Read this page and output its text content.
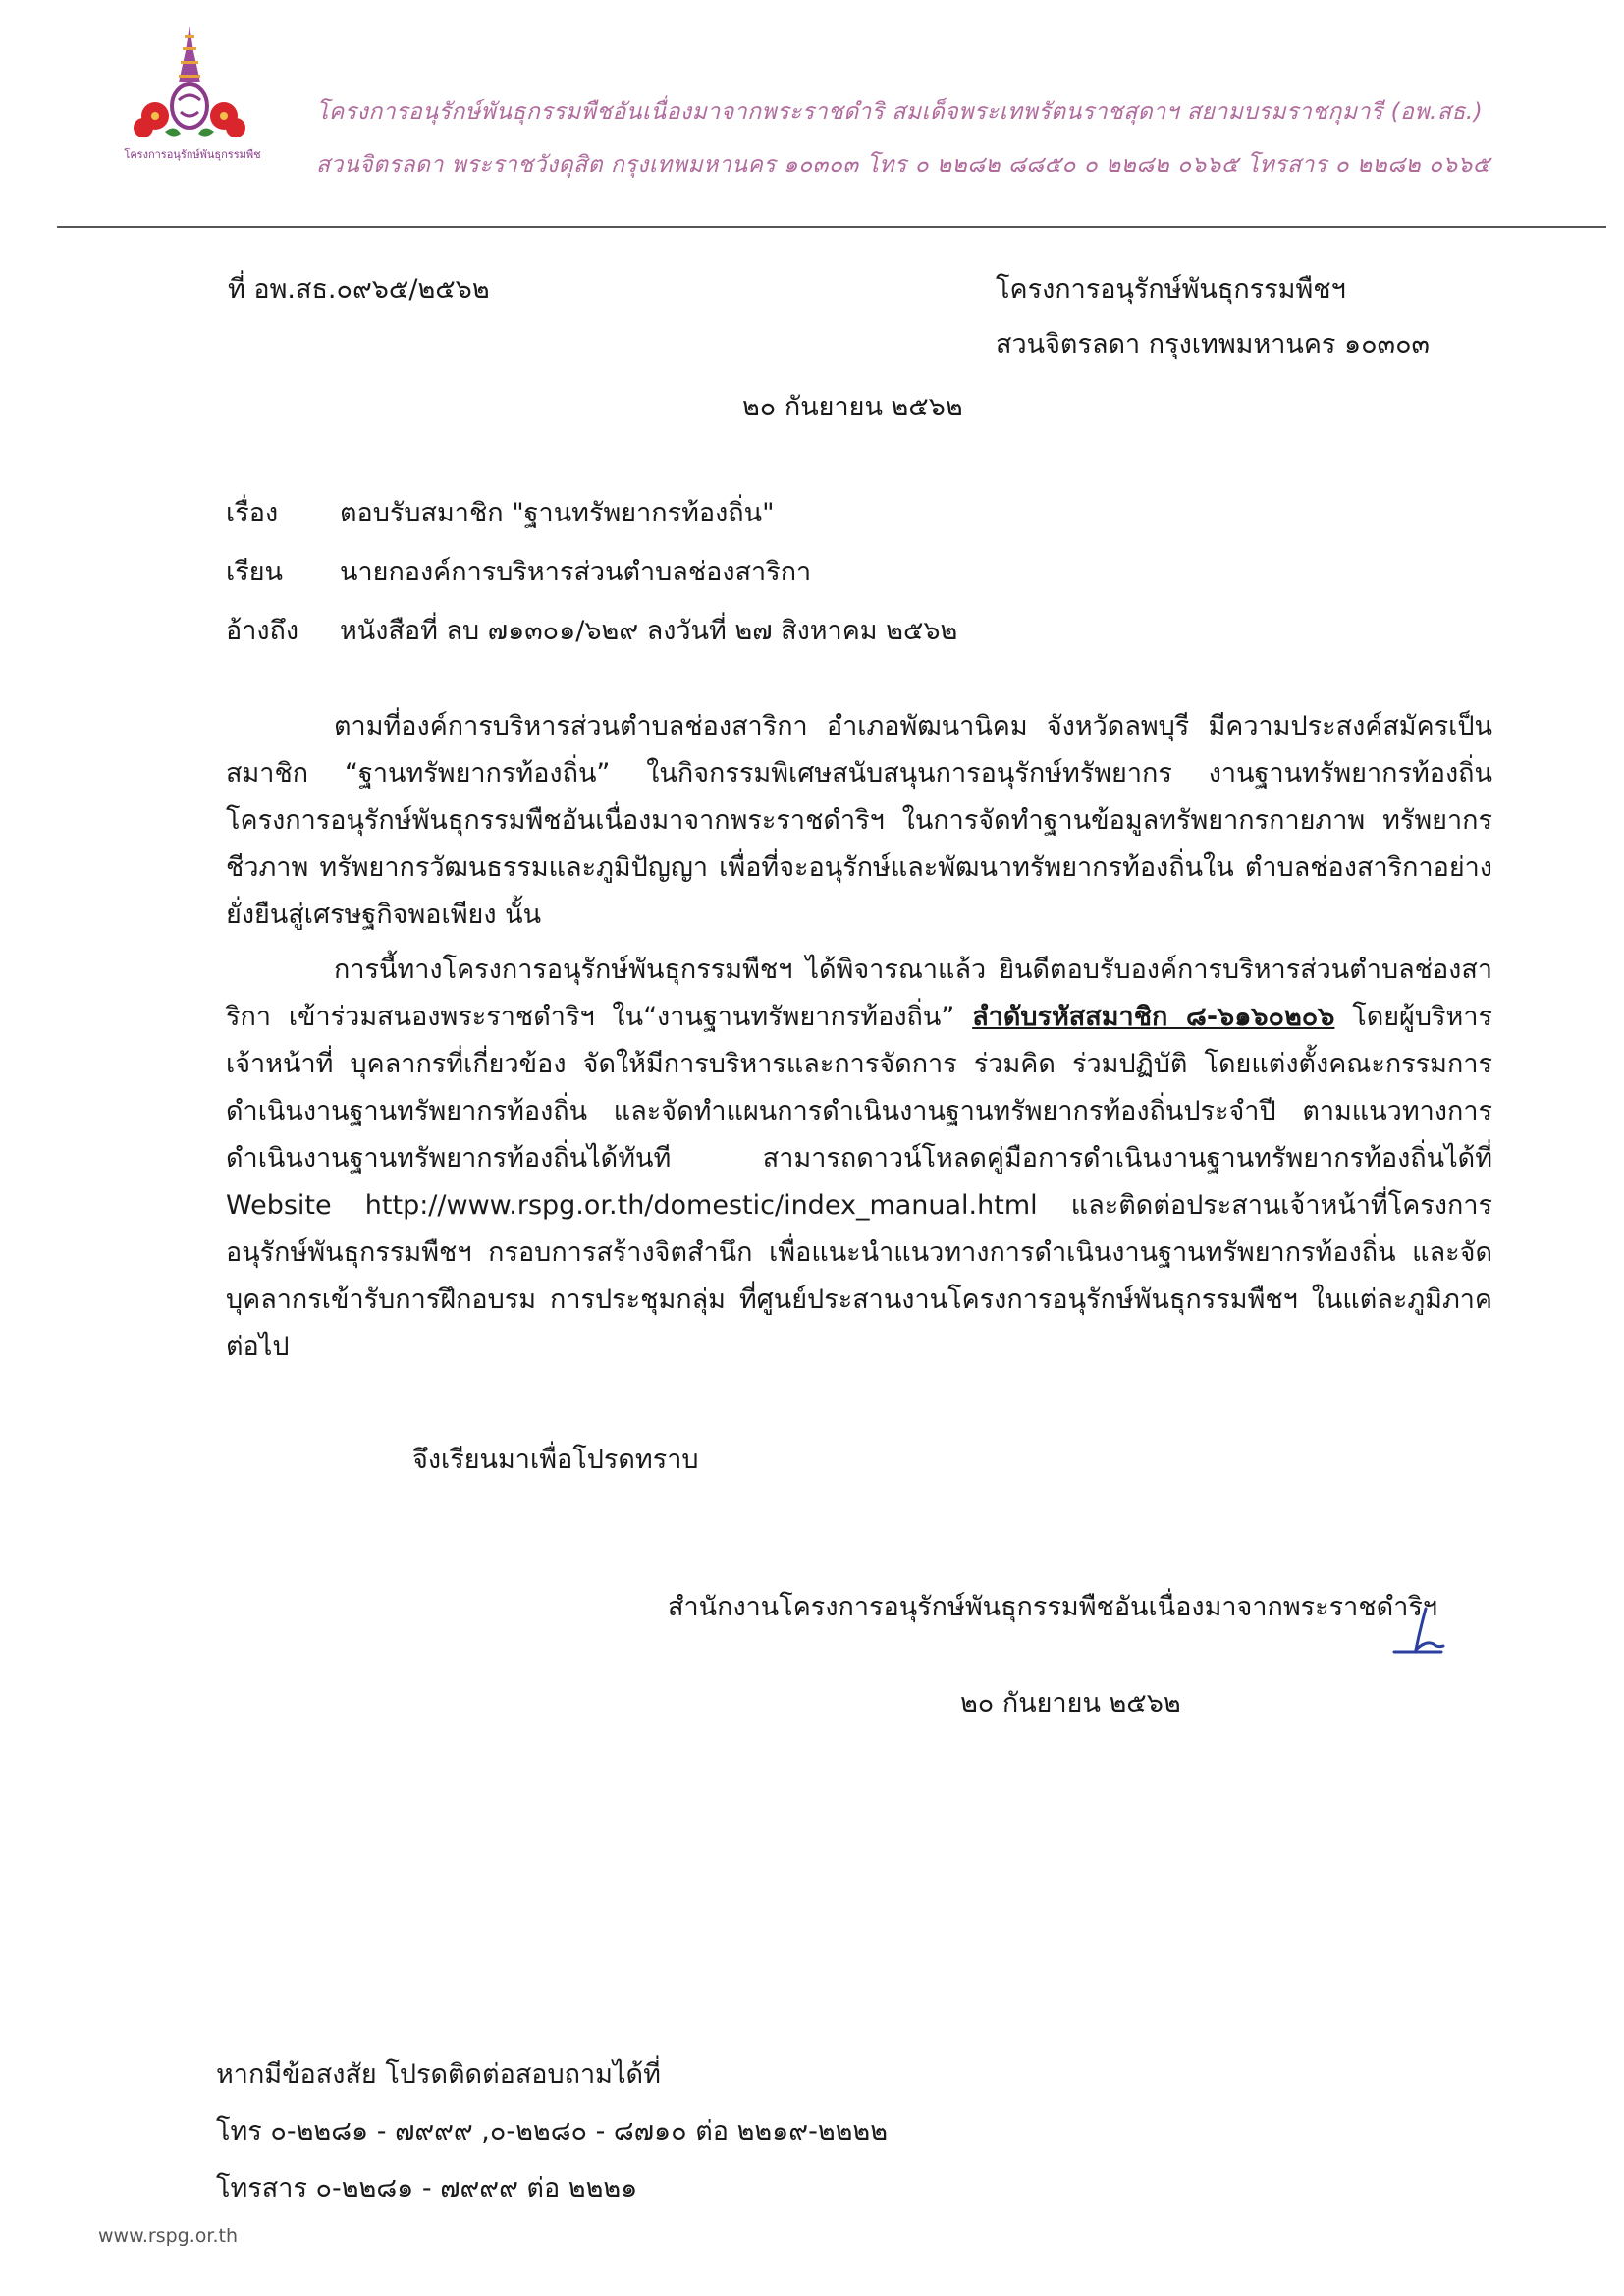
โครงการอนุรักษ์พันธุกรรมพืช
โครงการอนุรักษ์พันธุกรรมพืชอันเนื่องมาจากพระราชดำริ สมเด็จพระเทพรัตนราชสุดาฯ สยามบรมราชกุมารี (อพ.สธ.)
สวนจิตรลดา พระราชวังดุสิต กรุงเทพมหานคร ๑๐๓๐๓ โทร ๐ ๒๒๘๒ ๘๘๕๐ ๐ ๒๒๘๒ ๐๖๖๕ โทรสาร ๐ ๒๒๘๒ ๐๖๖๕
ที่ อพ.สธ.๐๙๖๕/๒๕๖๒	โครงการอนุรักษ์พันธุกรรมพืชฯ
สวนจิตรลดา กรุงเทพมหานคร ๑๐๓๐๓
๒๐ กันยายน ๒๕๖๒
เรื่อง ตอบรับสมาชิก "ฐานทรัพยากรท้องถิ่น"
เรียน นายกองค์การบริหารส่วนตำบลช่องสาริกา
อ้างถึง หนังสือที่ ลบ ๗๑๓๐๑/๖๒๙ ลงวันที่ ๒๗ สิงหาคม ๒๕๖๒
ตามที่องค์การบริหารส่วนตำบลช่องสาริกา อำเภอพัฒนานิคม จังหวัดลพบุรี มีความประสงค์สมัครเป็นสมาชิก “ฐานทรัพยากรท้องถิ่น” ในกิจกรรมพิเศษสนับสนุนการอนุรักษ์ทรัพยากร งานฐานทรัพยากรท้องถิ่น โครงการอนุรักษ์พันธุกรรมพืชอันเนื่องมาจากพระราชดำริฯ ในการจัดทำฐานข้อมูลทรัพยากรกายภาพ ทรัพยากรชีวภาพ ทรัพยากรวัฒนธรรมและภูมิปัญญา เพื่อที่จะอนุรักษ์และพัฒนาทรัพยากรท้องถิ่นใน ตำบลช่องสาริกาอย่างยั่งยืนสู่เศรษฐกิจพอเพียง นั้น
การนี้ทางโครงการอนุรักษ์พันธุกรรมพืชฯ ได้พิจารณาแล้ว ยินดีตอบรับองค์การบริหารส่วนตำบลช่องสาริกา เข้าร่วมสนองพระราชดำริฯ ใน“งานฐานทรัพยากรท้องถิ่น” ลำดับรหัสสมาชิก ๘-๖๑๖๐๒๐๖ โดยผู้บริหาร เจ้าหน้าที่ บุคลากรที่เกี่ยวข้อง จัดให้มีการบริหารและการจัดการ ร่วมคิด ร่วมปฏิบัติ โดยแต่งตั้งคณะกรรมการดำเนินงานฐานทรัพยากรท้องถิ่น และจัดทำแผนการดำเนินงานฐานทรัพยากรท้องถิ่นประจำปี ตามแนวทางการดำเนินงานฐานทรัพยากรท้องถิ่นได้ทันที สามารถดาวน์โหลดคู่มือการดำเนินงานฐานทรัพยากรท้องถิ่นได้ที่ Website http://www.rspg.or.th/domestic/index_manual.html และติดต่อประสานเจ้าหน้าที่โครงการอนุรักษ์พันธุกรรมพืชฯ กรอบการสร้างจิตสำนึก เพื่อแนะนำแนวทางการดำเนินงานฐานทรัพยากรท้องถิ่น และจัดบุคลากรเข้ารับการฝึกอบรม การประชุมกลุ่ม ที่ศูนย์ประสานงานโครงการอนุรักษ์พันธุกรรมพืชฯ ในแต่ละภูมิภาคต่อไป
จึงเรียนมาเพื่อโปรดทราบ
สำนักงานโครงการอนุรักษ์พันธุกรรมพืชอันเนื่องมาจากพระราชดำริฯ
๒๐ กันยายน ๒๕๖๒
หากมีข้อสงสัย โปรดติดต่อสอบถามได้ที่
โทร ๐-๒๒๘๑ - ๗๙๙๙ ,๐-๒๒๘๐ - ๘๗๑๐ ต่อ ๒๒๑๙-๒๒๒๒
โทรสาร ๐-๒๒๘๑ - ๗๙๙๙ ต่อ ๒๒๒๑
www.rspg.or.th
